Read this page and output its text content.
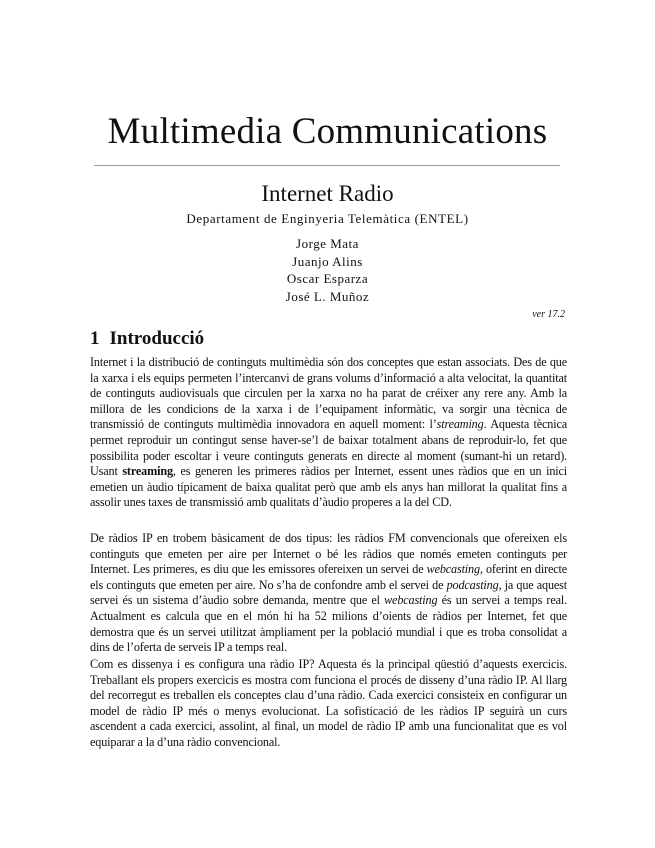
Multimedia Communications
Internet Radio
Departament de Enginyeria Telemàtica (ENTEL)
Jorge Mata
Juanjo Alins
Oscar Esparza
José L. Muñoz
ver 17.2
1 Introducció

Internet i la distribució de continguts multimèdia són dos conceptes que estan associats. Des de que la xarxa i els equips permeten l’intercanvi de grans volums d’informació a alta velocitat, la quantitat de continguts audiovisuals que circulen per la xarxa no ha parat de créixer any rere any. Amb la millora de les condicions de la xarxa i de l’equipament informàtic, va sorgir una tècnica de transmissió de continguts multimèdia innovadora en aquell moment: l’streaming. Aquesta tècnica permet reproduir un contingut sense haver-se’l de baixar totalment abans de reproduir-lo, fet que possibilita poder escoltar i veure continguts generats en directe al moment (sumant-hi un retard). Usant streaming, es generen les primeres ràdios per Internet, essent unes ràdios que en un inici emetien un àudio típicament de baixa qualitat però que amb els anys han millorat la qualitat fins a assolir unes taxes de transmissió amb qualitats d’àudio properes a la del CD.

De ràdios IP en trobem bàsicament de dos tipus: les ràdios FM convencionals que ofereixen els continguts que emeten per aire per Internet o bé les ràdios que només emeten continguts per Internet. Les primeres, es diu que les emissores ofereixen un servei de webcasting, oferint en directe els continguts que emeten per aire. No s’ha de confondre amb el servei de podcasting, ja que aquest servei és un sistema d’àudio sobre demanda, mentre que el webcasting és un servei a temps real. Actualment es calcula que en el món hi ha 52 milions d’oients de ràdios per Internet, fet que demostra que és un servei utilitzat àmpliament per la població mundial i que es troba consolidat a dins de l’oferta de serveis IP a temps real.

Com es dissenya i es configura una ràdio IP? Aquesta és la principal qüestió d’aquests exercicis. Treballant els propers exercicis es mostra com funciona el procés de disseny d’una ràdio IP. Al llarg del recorregut es treballen els conceptes clau d’una ràdio. Cada exercici consisteix en configurar un model de ràdio IP més o menys evolucionat. La sofisticació de les ràdios IP seguirà un curs ascendent a cada exercici, assolint, al final, un model de ràdio IP amb una funcionalitat que es vol equiparar a la d’una ràdio convencional.
